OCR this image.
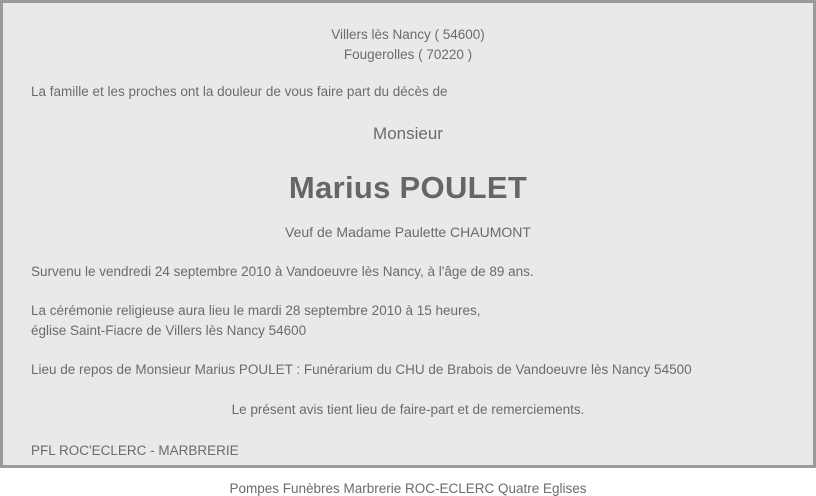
Villers lès Nancy ( 54600)
Fougerolles ( 70220 )
La famille et les proches ont la douleur de vous faire part du décès de
Monsieur
Marius POULET
Veuf de Madame Paulette CHAUMONT
Survenu le vendredi 24 septembre 2010 à Vandoeuvre lès Nancy, à l'âge de 89 ans.
La cérémonie religieuse aura lieu le mardi 28 septembre 2010 à 15 heures,
église Saint-Fiacre de Villers lès Nancy 54600
Lieu de repos de Monsieur Marius POULET : Funérarium du CHU de Brabois de Vandoeuvre lès Nancy 54500
Le présent avis tient lieu de faire-part et de remerciements.
PFL ROC'ECLERC - MARBRERIE
Pompes Funèbres Marbrerie ROC-ECLERC Quatre Eglises
